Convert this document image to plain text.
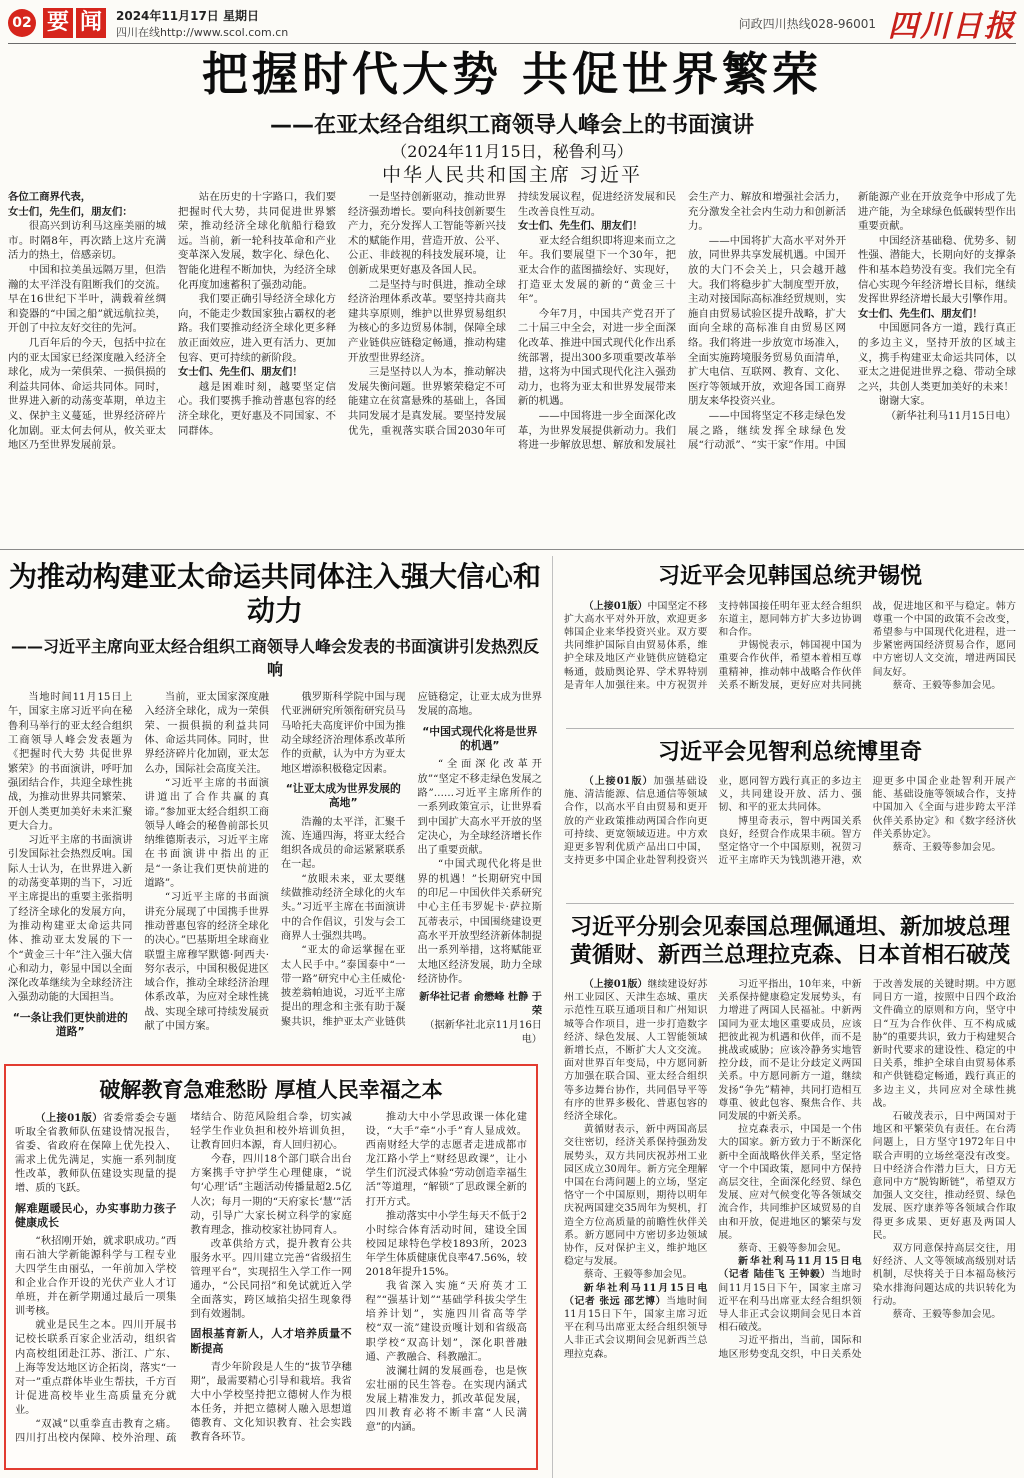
02 要 闻	2024年11月17日 星期日
四川在线http://www.scol.com.cn
问政四川热线028-96001 四川日报
把握时代大势 共促世界繁荣
——在亚太经合组织工商领导人峰会上的书面演讲
（2024年11月15日，秘鲁利马）
中华人民共和国主席 习近平

各位工商界代表，

女士们，先生们，朋友们：

很高兴到访利马这座美丽的城市。时隔8年，再次踏上这片充满活力的热土，倍感亲切。

中国和拉美虽远隔万里，但浩瀚的太平洋没有阻断我们的交流。早在16世纪下半叶，满载着丝绸和瓷器的“中国之船”就远航拉美，开创了中拉友好交往的先河。

几百年后的今天，包括中拉在内的亚太国家已经深度融入经济全球化，成为一荣俱荣、一损俱损的利益共同体、命运共同体。同时，世界进入新的动荡变革期，单边主义、保护主义蔓延，世界经济碎片化加剧。亚太何去何从，攸关亚太地区乃至世界发展前景。

站在历史的十字路口，我们要把握时代大势，共同促进世界繁荣，推动经济全球化航船行稳致远。当前，新一轮科技革命和产业变革深入发展，数字化、绿色化、智能化进程不断加快，为经济全球化再度加速蓄积了强劲动能。

我们要正确引导经济全球化方向，不能走少数国家独占霸权的老路。我们要推动经济全球化更多释放正面效应，进入更有活力、更加包容、更可持续的新阶段。

女士们、先生们、朋友们！

越是困难时刻，越要坚定信心。我们要携手推动普惠包容的经济全球化，更好惠及不同国家、不同群体。

一是坚持创新驱动，推动世界经济强劲增长。要向科技创新要生产力，充分发挥人工智能等新兴技术的赋能作用，营造开放、公平、公正、非歧视的科技发展环境，让创新成果更好惠及各国人民。

二是坚持与时俱进，推动全球经济治理体系改革。要坚持共商共建共享原则，维护以世界贸易组织为核心的多边贸易体制，保障全球产业链供应链稳定畅通，推动构建开放型世界经济。

三是坚持以人为本，推动解决发展失衡问题。世界繁荣稳定不可能建立在贫富悬殊的基础上，各国共同发展才是真发展。要坚持发展优先，重视落实联合国2030年可持续发展议程，促进经济发展和民生改善良性互动。

女士们、先生们、朋友们！

亚太经合组织即将迎来而立之年。我们要展望下一个30年，把亚太合作的蓝图描绘好、实现好，打造亚太发展的新的“黄金三十年”。

今年7月，中国共产党召开了二十届三中全会，对进一步全面深化改革、推进中国式现代化作出系统部署，提出300多项重要改革举措，这将为中国式现代化注入强劲动力，也将为亚太和世界发展带来新的机遇。

——中国将进一步全面深化改革，为世界发展提供新动力。我们将进一步解放思想、解放和发展社会生产力、解放和增强社会活力，充分激发全社会内生动力和创新活力。

——中国将扩大高水平对外开放，同世界共享发展机遇。中国开放的大门不会关上，只会越开越大。我们将稳步扩大制度型开放，主动对接国际高标准经贸规则，实施自由贸易试验区提升战略，扩大面向全球的高标准自由贸易区网络。我们将进一步放宽市场准入，全面实施跨境服务贸易负面清单，扩大电信、互联网、教育、文化、医疗等领域开放，欢迎各国工商界朋友来华投资兴业。

——中国将坚定不移走绿色发展之路，继续发挥全球绿色发展“行动派”、“实干家”作用。中国新能源产业在开放竞争中形成了先进产能，为全球绿色低碳转型作出重要贡献。

中国经济基础稳、优势多、韧性强、潜能大，长期向好的支撑条件和基本趋势没有变。我们完全有信心实现今年经济增长目标，继续发挥世界经济增长最大引擎作用。

女士们、先生们、朋友们！

中国愿同各方一道，践行真正的多边主义，坚持开放的区域主义，携手构建亚太命运共同体，以亚太之进促进世界之稳、带动全球之兴，共创人类更加美好的未来！

谢谢大家。

（新华社利马11月15日电）

为推动构建亚太命运共同体注入强大信心和动力
——习近平主席向亚太经合组织工商领导人峰会发表的书面演讲引发热烈反响

当地时间11月15日上午，国家主席习近平向在秘鲁利马举行的亚太经合组织工商领导人峰会发表题为《把握时代大势 共促世界繁荣》的书面演讲，呼吁加强团结合作，共迎全球性挑战，为推动世界共同繁荣、开创人类更加美好未来汇聚更大合力。

习近平主席的书面演讲引发国际社会热烈反响。国际人士认为，在世界进入新的动荡变革期的当下，习近平主席提出的重要主张指明了经济全球化的发展方向，为推动构建亚太命运共同体、推动亚太发展的下一个“黄金三十年”注入强大信心和动力，彰显中国以全面深化改革继续为全球经济注入强劲动能的大国担当。

“一条让我们更快前进的道路”

当前，亚太国家深度融入经济全球化，成为一荣俱荣、一损俱损的利益共同体、命运共同体。同时，世界经济碎片化加剧，亚太怎么办，国际社会高度关注。

“习近平主席的书面演讲道出了合作共赢的真谛。”参加亚太经合组织工商领导人峰会的秘鲁前部长贝纳维德斯表示，习近平主席在书面演讲中指出的正是“一条让我们更快前进的道路”。

“习近平主席的书面演讲充分展现了中国携手世界推动普惠包容的经济全球化的决心。”巴基斯坦全球商业联盟主席穆罕默德·阿西夫·努尔表示，中国积极促进区域合作，推动全球经济治理体系改革，为应对全球性挑战、实现全球可持续发展贡献了中国方案。

俄罗斯科学院中国与现代亚洲研究所领衔研究员马马哈托夫高度评价中国为推动全球经济治理体系改革所作的贡献，认为中方为亚太地区增添积极稳定因素。

“让亚太成为世界发展的高地”

浩瀚的太平洋，汇聚千流、连通四海，将亚太经合组织各成员的命运紧紧联系在一起。

“放眼未来，亚太要继续做推动经济全球化的火车头。”习近平主席在书面演讲中的合作倡议，引发与会工商界人士强烈共鸣。

“亚太的命运掌握在亚太人民手中。”泰国泰中“一带一路”研究中心主任威伦·披差翁帕迪说，习近平主席提出的理念和主张有助于凝聚共识，维护亚太产业链供应链稳定，让亚太成为世界发展的高地。

“中国式现代化将是世界的机遇”

“全面深化改革开放”“坚定不移走绿色发展之路”……习近平主席所作的一系列政策宣示，让世界看到中国扩大高水平开放的坚定决心，为全球经济增长作出了重要贡献。

“中国式现代化将是世界的机遇！”长期研究中国的印尼－中国伙伴关系研究中心主任韦罗妮卡·萨拉斯瓦蒂表示，中国围绕建设更高水平开放型经济新体制提出一系列举措，这将赋能亚太地区经济发展，助力全球经济协作。

新华社记者 俞懋峰 杜静 于荣

（据新华社北京11月16日电）

破解教育急难愁盼 厚植人民幸福之本

（上接01版）省委常委会专题听取全省教师队伍建设情况报告，省委、省政府在保障上优先投入、需求上优先满足，实施一系列制度性改革，教师队伍建设实现量的提增、质的飞跃。

解难题暖民心，办实事助力孩子健康成长

“秋招刚开始，就求职成功。”西南石油大学新能源科学与工程专业大四学生由丽弘，一年前加入学校和企业合作开设的光伏产业人才订单班，并在新学期通过最后一项集训考核。

就业是民生之本。四川开展书记校长联系百家企业活动，组织省内高校组团赴江苏、浙江、广东、上海等发达地区访企拓岗，落实“一对一”重点群体毕业生帮扶，千方百计促进高校毕业生高质量充分就业。

“双减”以重拳直击教育之痛。四川打出校内保障、校外治理、疏堵结合、防范风险组合拳，切实减轻学生作业负担和校外培训负担，让教育回归本源，育人回归初心。

今春，四川18个部门联合出台方案携手守护学生心理健康，“说句‘心理’话”主题活动传播量超2.5亿人次；每月一期的“天府家长‘慧’”活动，引导广大家长树立科学的家庭教育理念，推动校家社协同育人。

改革供给方式，提升教育公共服务水平。四川建立完善“省级招生管理平台”，实现招生入学工作一网通办，“公民同招”和免试就近入学全面落实，跨区域掐尖招生现象得到有效遏制。

固根基育新人，人才培养质量不断提高

青少年阶段是人生的“拔节孕穗期”，最需要精心引导和栽培。我省大中小学校坚持把立德树人作为根本任务，并把立德树人融入思想道德教育、文化知识教育、社会实践教育各环节。

推动大中小学思政课一体化建设，“大手”牵“小手”育人显成效。西南财经大学的志愿者走进成都市龙江路小学上“财经思政课”，让小学生们沉浸式体验“劳动创造幸福生活”等道理，“解锁”了思政课全新的打开方式。

推动落实中小学生每天不低于2小时综合体育活动时间，建设全国校园足球特色学校1893所，2023年学生体质健康优良率47.56%，较2018年提升15%。

我省深入实施“天府英才工程”“强基计划”“基础学科拔尖学生培养计划”，实施四川省高等学校“双一流”建设贡嘎计划和省级高职学校“双高计划”，深化职普融通、产教融合、科教融汇。

波澜壮阔的发展画卷，也是恢宏壮丽的民生答卷。在实现内涵式发展上精准发力，抓改革促发展，四川教育必将不断丰富“人民满意”的内涵。

习近平会见韩国总统尹锡悦

（上接01版）中国坚定不移扩大高水平对外开放，欢迎更多韩国企业来华投资兴业。双方要共同维护国际自由贸易体系，维护全球及地区产业链供应链稳定畅通，鼓励舆论界、学术界特别是青年人加强往来。中方祝贺并支持韩国接任明年亚太经合组织东道主，愿同韩方扩大多边协调和合作。

尹锡悦表示，韩国视中国为重要合作伙伴，希望本着相互尊重精神，推动韩中战略合作伙伴关系不断发展，更好应对共同挑战，促进地区和平与稳定。韩方尊重一个中国的政策不会改变，希望参与中国现代化进程，进一步紧密两国经济贸易合作，愿同中方密切人文交流，增进两国民间友好。

蔡奇、王毅等参加会见。

习近平会见智利总统博里奇

（上接01版）加强基础设施、清洁能源、信息通信等领域合作，以高水平自由贸易和更开放的产业政策推动两国合作向更可持续、更宽领域迈进。中方欢迎更多智利优质产品出口中国，支持更多中国企业赴智利投资兴业，愿同智方践行真正的多边主义，共同建设开放、活力、强韧、和平的亚太共同体。

博里奇表示，智中两国关系良好，经贸合作成果丰硕。智方坚定恪守一个中国原则，祝贺习近平主席昨天为钱凯港开港，欢迎更多中国企业赴智利开展产能、基础设施等领域合作，支持中国加入《全面与进步跨太平洋伙伴关系协定》和《数字经济伙伴关系协定》。

蔡奇、王毅等参加会见。

习近平分别会见泰国总理佩通坦、新加坡总理黄循财、新西兰总理拉克森、日本首相石破茂

（上接01版）继续建设好苏州工业园区、天津生态城、重庆示范性互联互通项目和广州知识城等合作项目，进一步打造数字经济、绿色发展、人工智能领域新增长点，不断扩大人文交流。面对世界百年变局，中方愿同新方加强在联合国、亚太经合组织等多边舞台协作，共同倡导平等有序的世界多极化、普惠包容的经济全球化。

黄循财表示，新中两国高层交往密切，经济关系保持强劲发展势头，双方共同庆祝苏州工业园区成立30周年。新方完全理解中国在台湾问题上的立场，坚定恪守一个中国原则，期待以明年庆祝两国建交35周年为契机，打造全方位高质量的前瞻性伙伴关系。新方愿同中方密切多边领域协作，反对保护主义，维护地区稳定与发展。

蔡奇、王毅等参加会见。

新华社利马11月15日电（记者 张远 邵艺博）当地时间11月15日下午，国家主席习近平在利马出席亚太经合组织领导人非正式会议期间会见新西兰总理拉克森。

习近平指出，10年来，中新关系保持健康稳定发展势头，有力增进了两国人民福祉。中新两国同为亚太地区重要成员，应该把彼此视为机遇和伙伴，而不是挑战或威胁；应该冷静务实地管控分歧，而不是让分歧定义两国关系。中方愿同新方一道，继续发扬“争先”精神，共同打造相互尊重、彼此包容、聚焦合作、共同发展的中新关系。

拉克森表示，中国是一个伟大的国家。新方致力于不断深化新中全面战略伙伴关系，坚定恪守一个中国政策，愿同中方保持高层交往，全面深化经贸、绿色发展、应对气候变化等各领域交流合作，共同维护区域贸易的自由和开放，促进地区的繁荣与发展。

蔡奇、王毅等参加会见。

新华社利马11月15日电（记者 陆佳飞 王钟毅）当地时间11月15日下午，国家主席习近平在利马出席亚太经合组织领导人非正式会议期间会见日本首相石破茂。

习近平指出，当前，国际和地区形势变乱交织，中日关系处于改善发展的关键时期。中方愿同日方一道，按照中日四个政治文件确立的原则和方向，坚守中日“互为合作伙伴、互不构成威胁”的重要共识，致力于构建契合新时代要求的建设性、稳定的中日关系，维护全球自由贸易体系和产供链稳定畅通，践行真正的多边主义，共同应对全球性挑战。

石破茂表示，日中两国对于地区和平繁荣负有责任。在台湾问题上，日方坚守1972年日中联合声明的立场丝毫没有改变。日中经济合作潜力巨大，日方无意同中方“脱钩断链”，希望双方加强人文交往，推动经贸、绿色发展、医疗康养等各领域合作取得更多成果、更好惠及两国人民。

双方同意保持高层交往，用好经济、人文等领域高级别对话机制，尽快将关于日本福岛核污染水排海问题达成的共识转化为行动。

蔡奇、王毅等参加会见。
